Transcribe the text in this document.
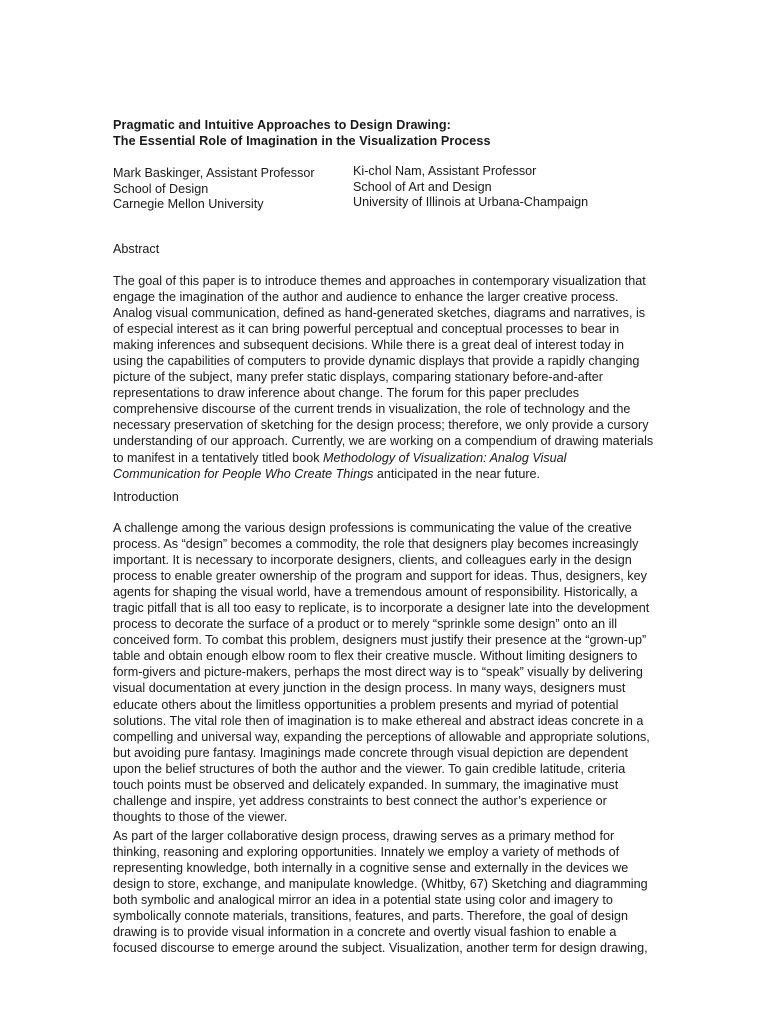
Pragmatic and Intuitive Approaches to Design Drawing:
The Essential Role of Imagination in the Visualization Process
Mark Baskinger, Assistant Professor
School of Design
Carnegie Mellon University
Ki-chol Nam, Assistant Professor
School of Art and Design
University of Illinois at Urbana-Champaign
Abstract
The goal of this paper is to introduce themes and approaches in contemporary visualization that
engage the imagination of the author and audience to enhance the larger creative process.
Analog visual communication, defined as hand-generated sketches, diagrams and narratives, is
of especial interest as it can bring powerful perceptual and conceptual processes to bear in
making inferences and subsequent decisions. While there is a great deal of interest today in
using the capabilities of computers to provide dynamic displays that provide a rapidly changing
picture of the subject, many prefer static displays, comparing stationary before-and-after
representations to draw inference about change. The forum for this paper precludes
comprehensive discourse of the current trends in visualization, the role of technology and the
necessary preservation of sketching for the design process; therefore, we only provide a cursory
understanding of our approach. Currently, we are working on a compendium of drawing materials
to manifest in a tentatively titled book Methodology of Visualization: Analog Visual
Communication for People Who Create Things anticipated in the near future.
Introduction
A challenge among the various design professions is communicating the value of the creative
process. As “design” becomes a commodity, the role that designers play becomes increasingly
important. It is necessary to incorporate designers, clients, and colleagues early in the design
process to enable greater ownership of the program and support for ideas. Thus, designers, key
agents for shaping the visual world, have a tremendous amount of responsibility. Historically, a
tragic pitfall that is all too easy to replicate, is to incorporate a designer late into the development
process to decorate the surface of a product or to merely “sprinkle some design” onto an ill
conceived form. To combat this problem, designers must justify their presence at the “grown-up”
table and obtain enough elbow room to flex their creative muscle. Without limiting designers to
form-givers and picture-makers, perhaps the most direct way is to “speak” visually by delivering
visual documentation at every junction in the design process. In many ways, designers must
educate others about the limitless opportunities a problem presents and myriad of potential
solutions. The vital role then of imagination is to make ethereal and abstract ideas concrete in a
compelling and universal way, expanding the perceptions of allowable and appropriate solutions,
but avoiding pure fantasy. Imaginings made concrete through visual depiction are dependent
upon the belief structures of both the author and the viewer. To gain credible latitude, criteria
touch points must be observed and delicately expanded. In summary, the imaginative must
challenge and inspire, yet address constraints to best connect the author’s experience or
thoughts to those of the viewer.
As part of the larger collaborative design process, drawing serves as a primary method for
thinking, reasoning and exploring opportunities. Innately we employ a variety of methods of
representing knowledge, both internally in a cognitive sense and externally in the devices we
design to store, exchange, and manipulate knowledge. (Whitby, 67) Sketching and diagramming
both symbolic and analogical mirror an idea in a potential state using color and imagery to
symbolically connote materials, transitions, features, and parts. Therefore, the goal of design
drawing is to provide visual information in a concrete and overtly visual fashion to enable a
focused discourse to emerge around the subject. Visualization, another term for design drawing,
